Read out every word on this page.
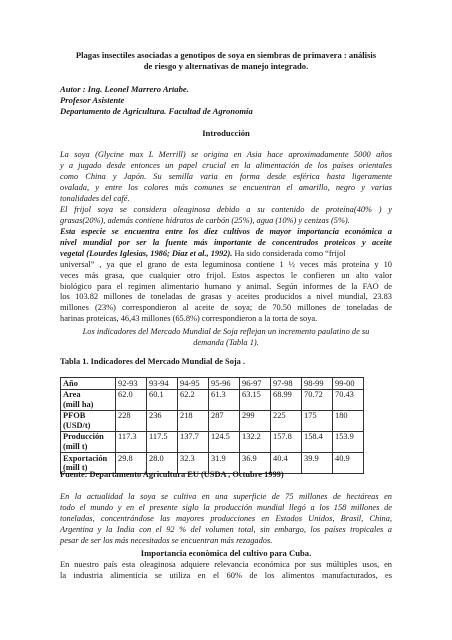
Plagas insectiles asociadas a genotipos de soya en siembras de primavera : análisis
de riesgo y alternativas de manejo integrado.
Autor : Ing. Leonel Marrero Artabe.
Profesor Asistente
Departamento de Agricultura. Facultad de Agronomía
Introducción
La soya (Glycine max L Merrill) se origina en Asia hace aproximadamente 5000 años
y a jugado desde entonces un papel crucial en la alimentación de los países orientales
como China y Japón. Su semilla varia en forma desde esférica hasta ligeramente
ovalada, y entre los colores más comunes se encuentran el amarillo, negro y varias
tonalidades del café.
El frijol soya se considera oleaginosa debido a su contenido de proteína(40% ) y
grasas(20%), además contiene hidratos de carbón (25%), agua (10%) y cenizas (5%).
Esta especie se encuentra entre los diez cultivos de mayor importancia económica a
nivel mundial por ser la fuente más importante de concentrados proteicos y aceite
vegetal (Lourdes Iglesias, 1986; Díaz et al., 1992). Ha sido considerada como “frijol
universal” , ya que el grano de esta leguminosa contiene 1 ½ veces más proteína y 10
veces más grasa, que cualquier otro frijol. Estos aspectos le confieren un alto valor
biológico para el regimen alimentario humano y animal. Según informes de la FAO de
los 103.82 millones de toneladas de grasas y aceites producidos a nivel mundial, 23.83
millones (23%) correspondieron al aceite de soya; de 70.50 millones de toneladas de
harinas proteicas, 46,43 millones (65.8%) correspondieron a la torta de soya.
Los indicadores del Mercado Mundial de Soja reflejan un incremento paulatino de su
demanda (Tabla 1).
Tabla 1. Indicadores del Mercado Mundial de Soja .
Año	92-93	93-94	94-95	95-96	96-97	97-98	98-99	99-00
Area
(mill ha)	62.0	60.1	62.2	61.3	63.15	68.99	70.72	70.43
PFOB
(USD/t)	228	236	218	287	299	225	175	180
Producción
(mill t)	117.3	117.5	137.7	124.5	132.2	157.8	158.4	153.9
Exportación
(mill t)	29.8	28.0	32.3	31.9	36.9	40.4	39.9	40.9
Fuente: Departamento Agricultura EU (USDA , Octubre 1999)
En la actualidad la soya se cultiva en una superficie de 75 millones de hectáreas en
todo el mundo y en el presente siglo la producción mundial llegó a los 158 millones de
toneladas, concentrándose las mayores producciones en Estados Unidos, Brasil, China,
Argentina y la India con el 92 % del volumen total, sin embargo, los países tropicales a
pesar de ser los más necesitados se encuentran más rezagados.
Importancia econòmica del cultivo para Cuba.
En nuestro país esta oleaginosa adquiere relevancia económica por sus múltiples usos, en
la industria alimenticia se utiliza en el 60% de los alimentos manufacturados, es
